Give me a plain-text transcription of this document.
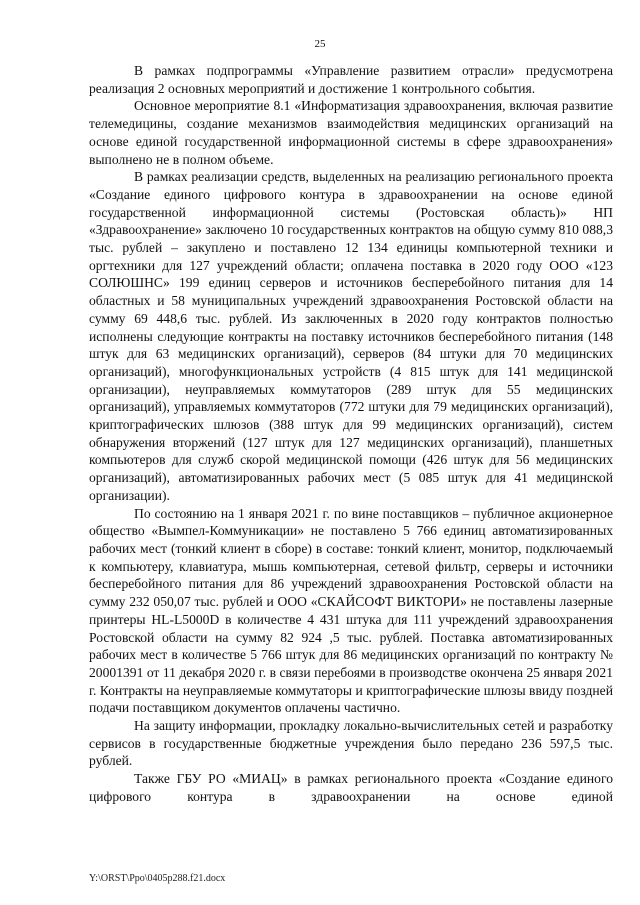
25

В рамках подпрограммы «Управление развитием отрасли» предусмотрена реализация 2 основных мероприятий и достижение 1 контрольного события.

Основное мероприятие 8.1 «Информатизация здравоохранения, включая развитие телемедицины, создание механизмов взаимодействия медицинских организаций на основе единой государственной информационной системы в сфере здравоохранения» выполнено не в полном объеме.

В рамках реализации средств, выделенных на реализацию регионального проекта «Создание единого цифрового контура в здравоохранении на основе единой государственной информационной системы (Ростовская область)» НП «Здравоохранение» заключено 10 государственных контрактов на общую сумму 810 088,3 тыс. рублей – закуплено и поставлено 12 134 единицы компьютерной техники и оргтехники для 127 учреждений области; оплачена поставка в 2020 году ООО «123 СОЛЮШНС» 199 единиц серверов и источников бесперебойного питания для 14 областных и 58 муниципальных учреждений здравоохранения Ростовской области на сумму 69 448,6 тыс. рублей. Из заключенных в 2020 году контрактов полностью исполнены следующие контракты на поставку источников бесперебойного питания (148 штук для 63 медицинских организаций), серверов (84 штуки для 70 медицинских организаций), многофункциональных устройств (4 815 штук для 141 медицинской организации), неуправляемых коммутаторов (289 штук для 55 медицинских организаций), управляемых коммутаторов (772 штуки для 79 медицинских организаций), криптографических шлюзов (388 штук для 99 медицинских организаций), систем обнаружения вторжений (127 штук для 127 медицинских организаций), планшетных компьютеров для служб скорой медицинской помощи (426 штук для 56 медицинских организаций), автоматизированных рабочих мест (5 085 штук для 41 медицинской организации).

По состоянию на 1 января 2021 г. по вине поставщиков – публичное акционерное общество «Вымпел-Коммуникации» не поставлено 5 766 единиц автоматизированных рабочих мест (тонкий клиент в сборе) в составе: тонкий клиент, монитор, подключаемый к компьютеру, клавиатура, мышь компьютерная, сетевой фильтр, серверы и источники бесперебойного питания для 86 учреждений здравоохранения Ростовской области на сумму 232 050,07 тыс. рублей и ООО «СКАЙСОФТ ВИКТОРИ» не поставлены лазерные принтеры HL-L5000D в количестве 4 431 штука для 111 учреждений здравоохранения Ростовской области на сумму 82 924 ,5 тыс. рублей. Поставка автоматизированных рабочих мест в количестве 5 766 штук для 86 медицинских организаций по контракту № 20001391 от 11 декабря 2020 г. в связи перебоями в производстве окончена 25 января 2021 г. Контракты на неуправляемые коммутаторы и криптографические шлюзы ввиду поздней подачи поставщиком документов оплачены частично.

На защиту информации, прокладку локально-вычислительных сетей и разработку сервисов в государственные бюджетные учреждения было передано 236 597,5 тыс. рублей.

Также ГБУ РО «МИАЦ» в рамках регионального проекта «Создание единого цифрового контура в здравоохранении на основе единой

Y:\ORST\Ppo\0405p288.f21.docx
